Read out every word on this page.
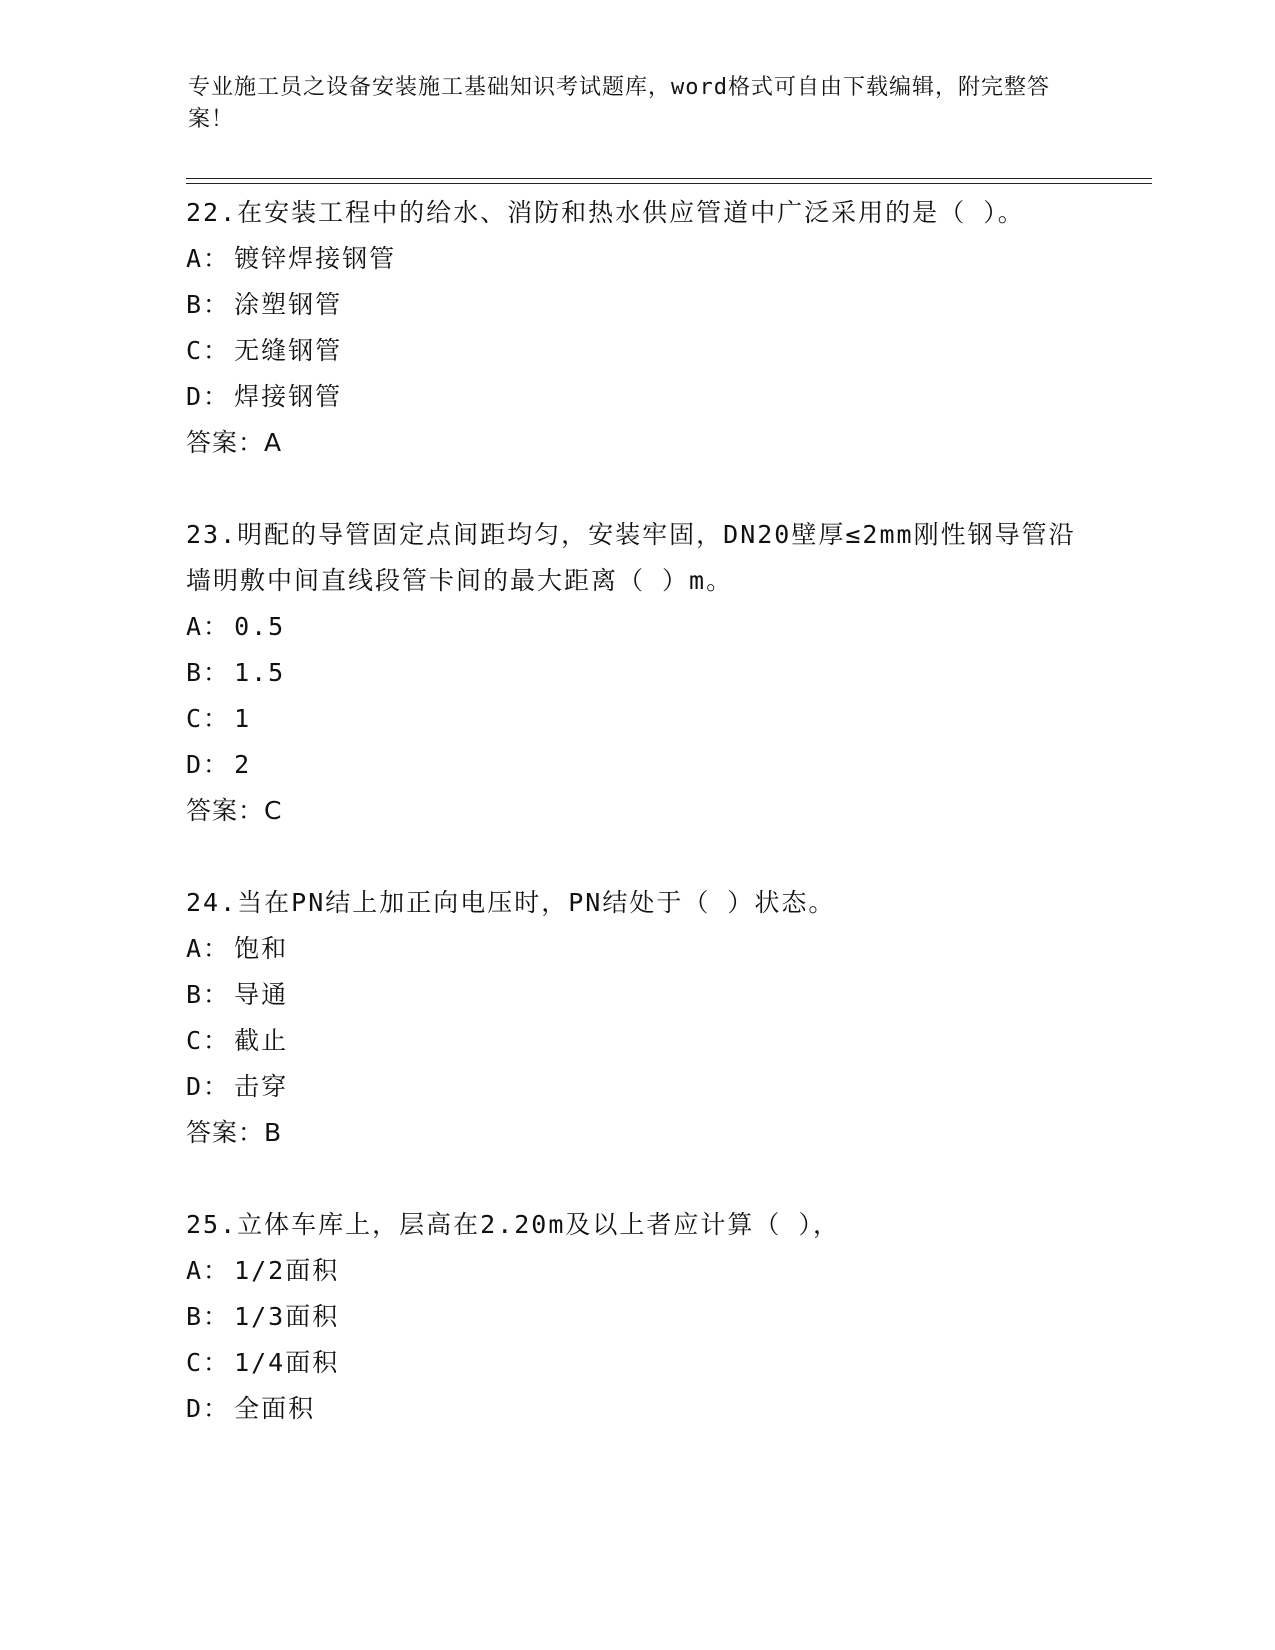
专业施工员之设备安装施工基础知识考试题库，word格式可自由下载编辑，附完整答案！
22.在安装工程中的给水、消防和热水供应管道中广泛采用的是（ ）。
A： 镀锌焊接钢管
B： 涂塑钢管
C： 无缝钢管
D： 焊接钢管
答案：A
23.明配的导管固定点间距均匀，安装牢固，DN20壁厚≤2mm刚性钢导管沿墙明敷中间直线段管卡间的最大距离（ ）m。
A： 0.5
B： 1.5
C： 1
D： 2
答案：C
24.当在PN结上加正向电压时，PN结处于（ ）状态。
A： 饱和
B： 导通
C： 截止
D： 击穿
答案：B
25.立体车库上，层高在2.20m及以上者应计算（ ），
A： 1/2面积
B： 1/3面积
C： 1/4面积
D： 全面积
